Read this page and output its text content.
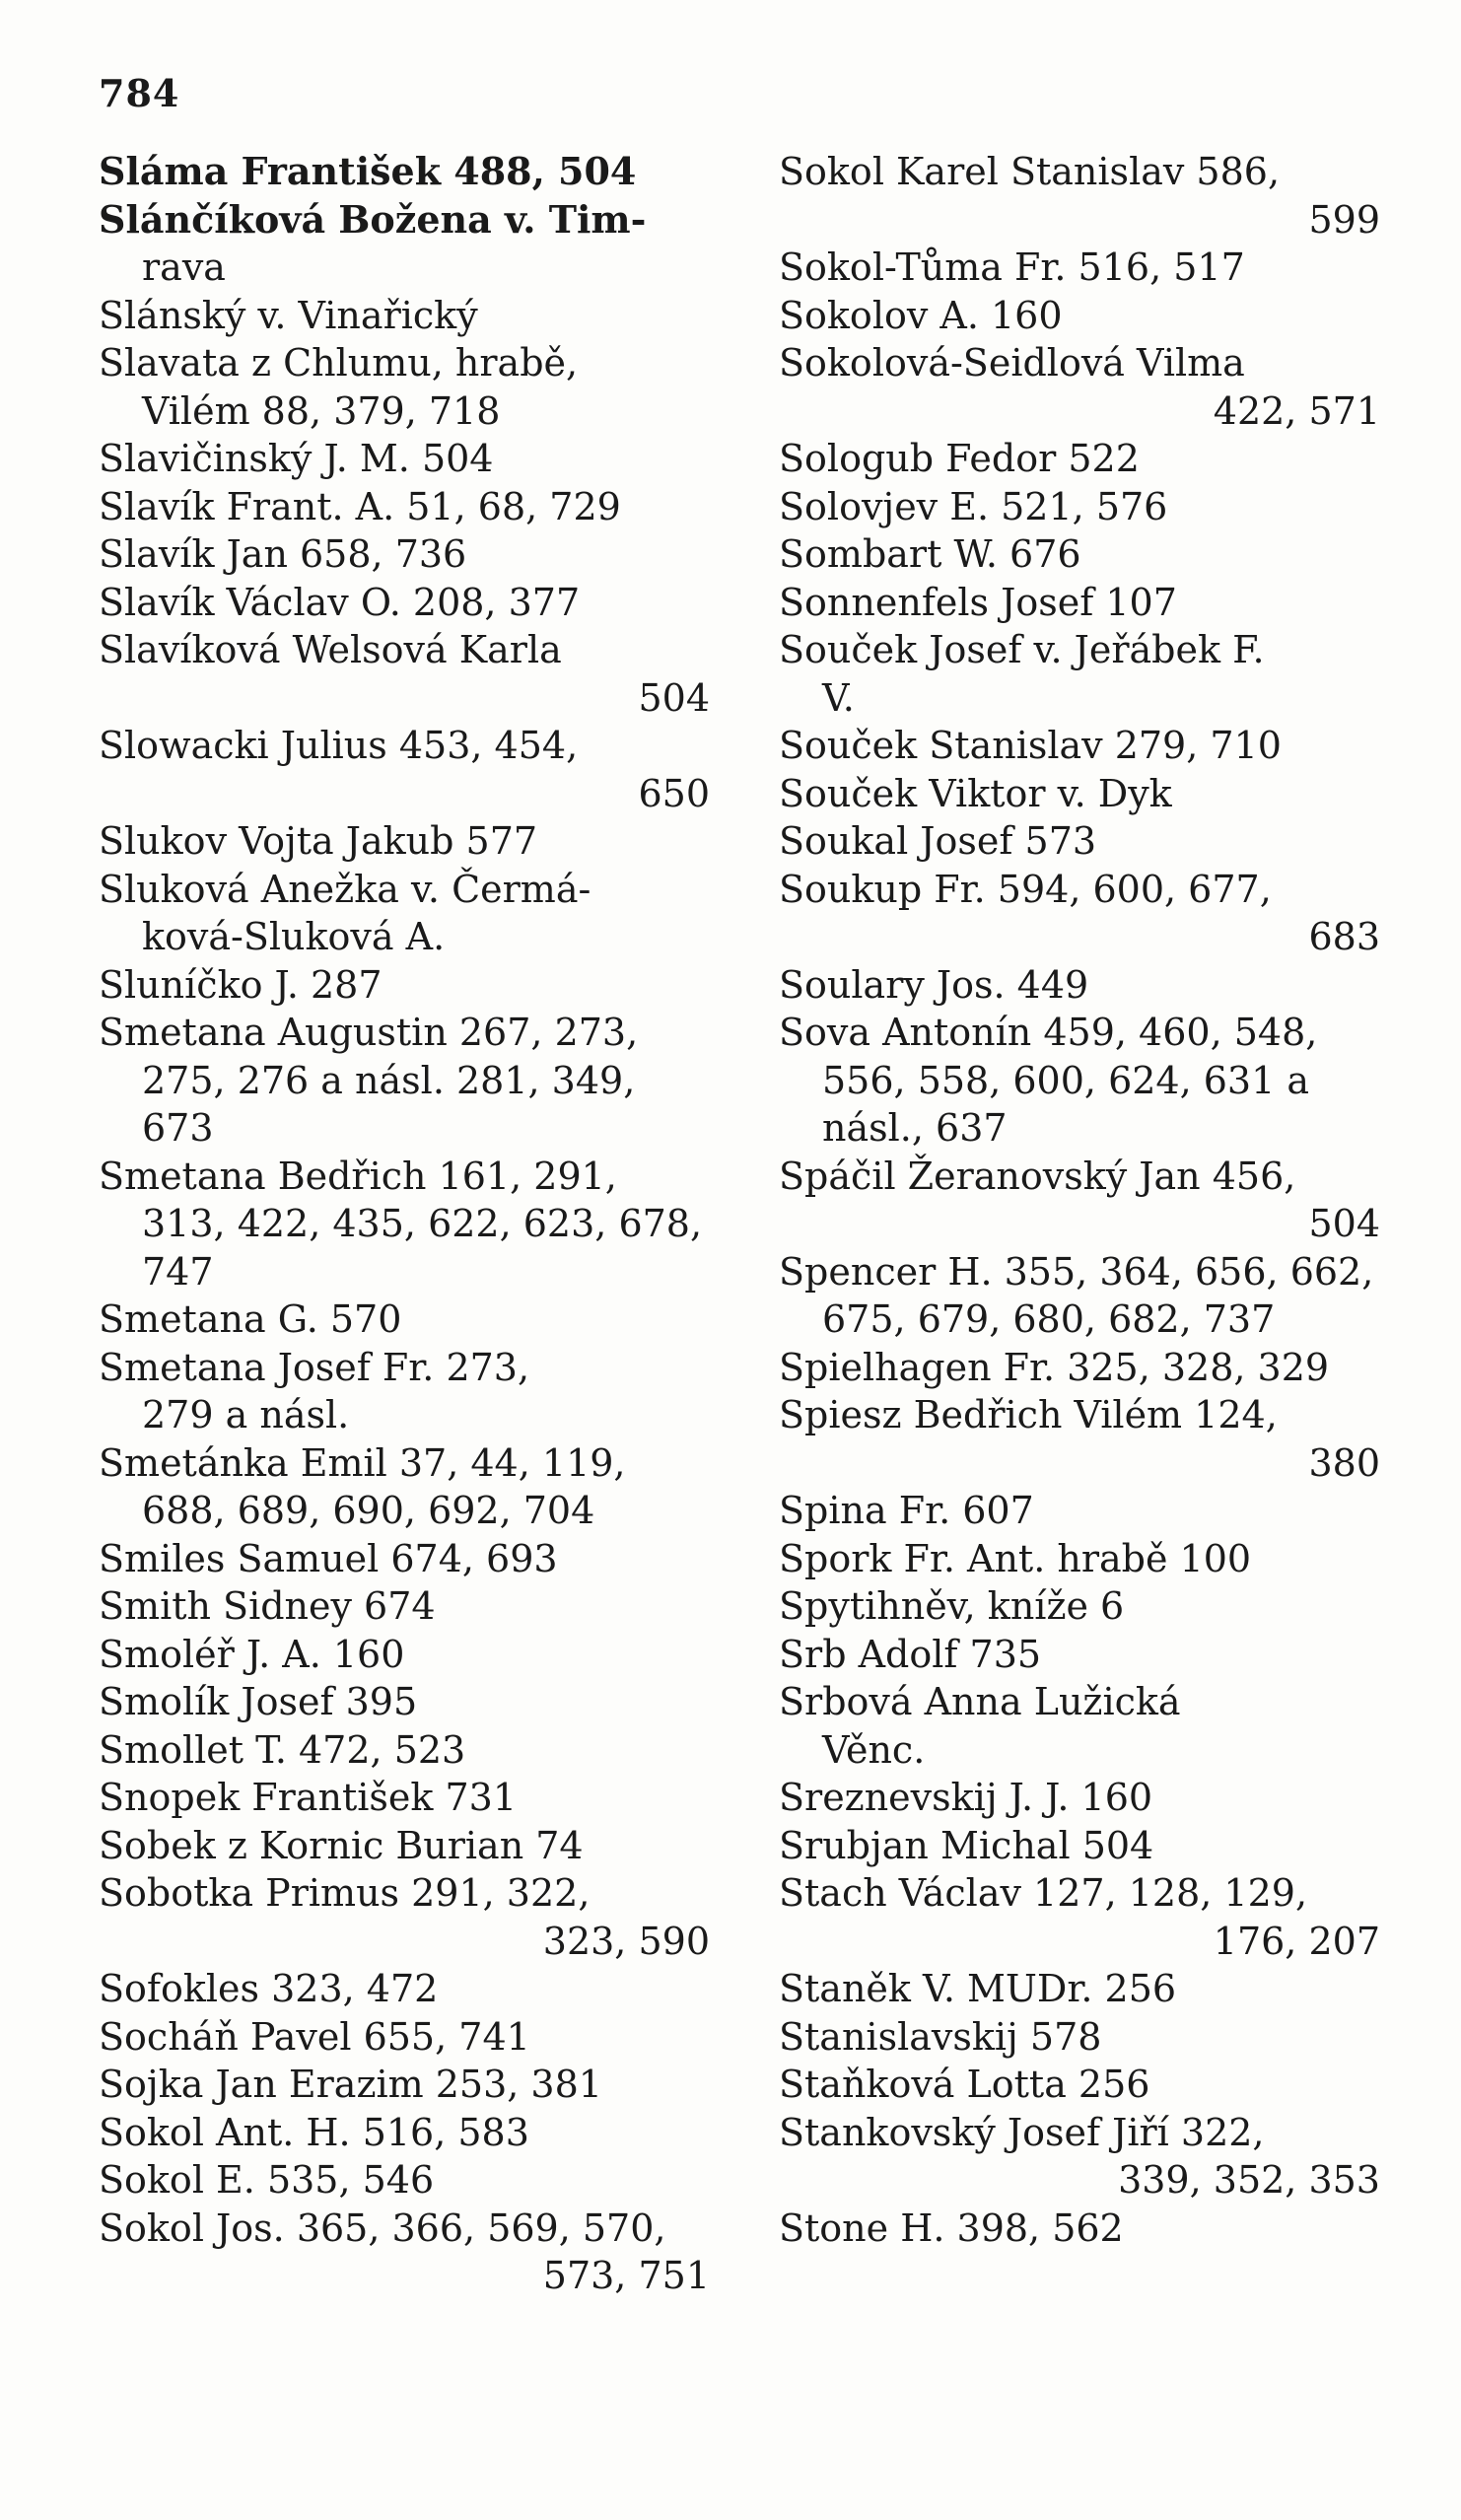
784

Sláma František 488, 504

Slánčíková Božena v. Tim-
rava

Slánský v. Vinařický

Slavata z Chlumu, hrabě,
Vilém 88, 379, 718

Slavičinský J. M. 504

Slavík Frant. A. 51, 68, 729

Slavík Jan 658, 736

Slavík Václav O. 208, 377

Slavíková Welsová Karla
504

Slowacki Julius 453, 454,
650

Slukov Vojta Jakub 577

Sluková Anežka v. Čermá-
ková-Sluková A.

Sluníčko J. 287

Smetana Augustin 267, 273,
275, 276 a násl. 281, 349,
673

Smetana Bedřich 161, 291,
313, 422, 435, 622, 623, 678,
747

Smetana G. 570

Smetana Josef Fr. 273,
279 a násl.

Smetánka Emil 37, 44, 119,
688, 689, 690, 692, 704

Smiles Samuel 674, 693

Smith Sidney 674

Smoléř J. A. 160

Smolík Josef 395

Smollet T. 472, 523

Snopek František 731

Sobek z Kornic Burian 74

Sobotka Primus 291, 322,
323, 590

Sofokles 323, 472

Socháň Pavel 655, 741

Sojka Jan Erazim 253, 381

Sokol Ant. H. 516, 583

Sokol E. 535, 546

Sokol Jos. 365, 366, 569, 570,
573, 751

Sokol Karel Stanislav 586,
599

Sokol-Tůma Fr. 516, 517

Sokolov A. 160

Sokolová-Seidlová Vilma
422, 571

Sologub Fedor 522

Solovjev E. 521, 576

Sombart W. 676

Sonnenfels Josef 107

Souček Josef v. Jeřábek F.
V.

Souček Stanislav 279, 710

Souček Viktor v. Dyk

Soukal Josef 573

Soukup Fr. 594, 600, 677,
683

Soulary Jos. 449

Sova Antonín 459, 460, 548,
556, 558, 600, 624, 631 a
násl., 637

Spáčil Žeranovský Jan 456,
504

Spencer H. 355, 364, 656, 662,
675, 679, 680, 682, 737

Spielhagen Fr. 325, 328, 329

Spiesz Bedřich Vilém 124,
380

Spina Fr. 607

Spork Fr. Ant. hrabě 100

Spytihněv, kníže 6

Srb Adolf 735

Srbová Anna Lužická
Věnc.

Sreznevskij J. J. 160

Srubjan Michal 504

Stach Václav 127, 128, 129,
176, 207

Staněk V. MUDr. 256

Stanislavskij 578

Staňková Lotta 256

Stankovský Josef Jiří 322,
339, 352, 353

Stone H. 398, 562
